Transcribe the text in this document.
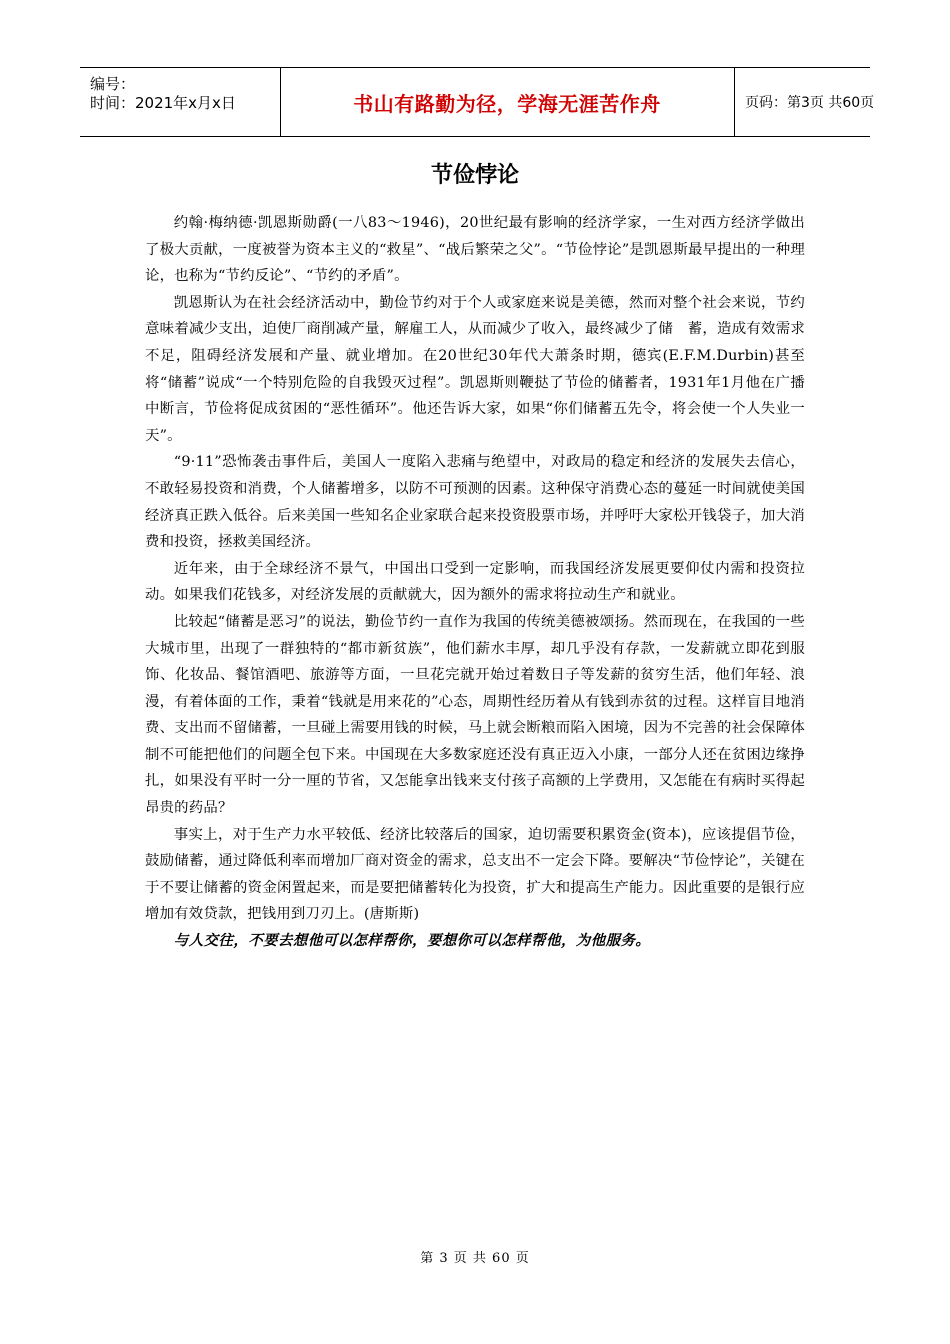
编号：
时间：2021年x月x日	书山有路勤为径，学海无涯苦作舟	页码：第3页 共60页
节俭悖论

约翰·梅纳德·凯恩斯勋爵(一八83～1946)，20世纪最有影响的经济学家，一生对西方经济学做出了极大贡献，一度被誉为资本主义的“救星”、“战后繁荣之父”。“节俭悖论”是凯恩斯最早提出的一种理论，也称为“节约反论”、“节约的矛盾”。

凯恩斯认为在社会经济活动中，勤俭节约对于个人或家庭来说是美德，然而对整个社会来说，节约意味着减少支出，迫使厂商削减产量，解雇工人，从而减少了收入，最终减少了储　蓄，造成有效需求不足，阻碍经济发展和产量、就业增加。在20世纪30年代大萧条时期，德宾(E.F.M.Durbin)甚至将“储蓄”说成“一个特别危险的自我毁灭过程”。凯恩斯则鞭挞了节俭的储蓄者，1931年1月他在广播中断言，节俭将促成贫困的“恶性循环”。他还告诉大家，如果“你们储蓄五先令，将会使一个人失业一天”。

“9·11”恐怖袭击事件后，美国人一度陷入悲痛与绝望中，对政局的稳定和经济的发展失去信心，不敢轻易投资和消费，个人储蓄增多，以防不可预测的因素。这种保守消费心态的蔓延一时间就使美国经济真正跌入低谷。后来美国一些知名企业家联合起来投资股票市场，并呼吁大家松开钱袋子，加大消费和投资，拯救美国经济。

近年来，由于全球经济不景气，中国出口受到一定影响，而我国经济发展更要仰仗内需和投资拉动。如果我们花钱多，对经济发展的贡献就大，因为额外的需求将拉动生产和就业。

比较起“储蓄是恶习”的说法，勤俭节约一直作为我国的传统美德被颂扬。然而现在，在我国的一些大城市里，出现了一群独特的“都市新贫族”，他们薪水丰厚，却几乎没有存款，一发薪就立即花到服饰、化妆品、餐馆酒吧、旅游等方面，一旦花完就开始过着数日子等发薪的贫穷生活，他们年轻、浪漫，有着体面的工作，秉着“钱就是用来花的”心态，周期性经历着从有钱到赤贫的过程。这样盲目地消费、支出而不留储蓄，一旦碰上需要用钱的时候，马上就会断粮而陷入困境，因为不完善的社会保障体制不可能把他们的问题全包下来。中国现在大多数家庭还没有真正迈入小康，一部分人还在贫困边缘挣扎，如果没有平时一分一厘的节省，又怎能拿出钱来支付孩子高额的上学费用，又怎能在有病时买得起昂贵的药品？

事实上，对于生产力水平较低、经济比较落后的国家，迫切需要积累资金(资本)，应该提倡节俭，鼓励储蓄，通过降低利率而增加厂商对资金的需求，总支出不一定会下降。要解决“节俭悖论”，关键在于不要让储蓄的资金闲置起来，而是要把储蓄转化为投资，扩大和提高生产能力。因此重要的是银行应增加有效贷款，把钱用到刀刃上。(唐斯斯)

与人交往，不要去想他可以怎样帮你，要想你可以怎样帮他，为他服务。

第 3 页 共 60 页
